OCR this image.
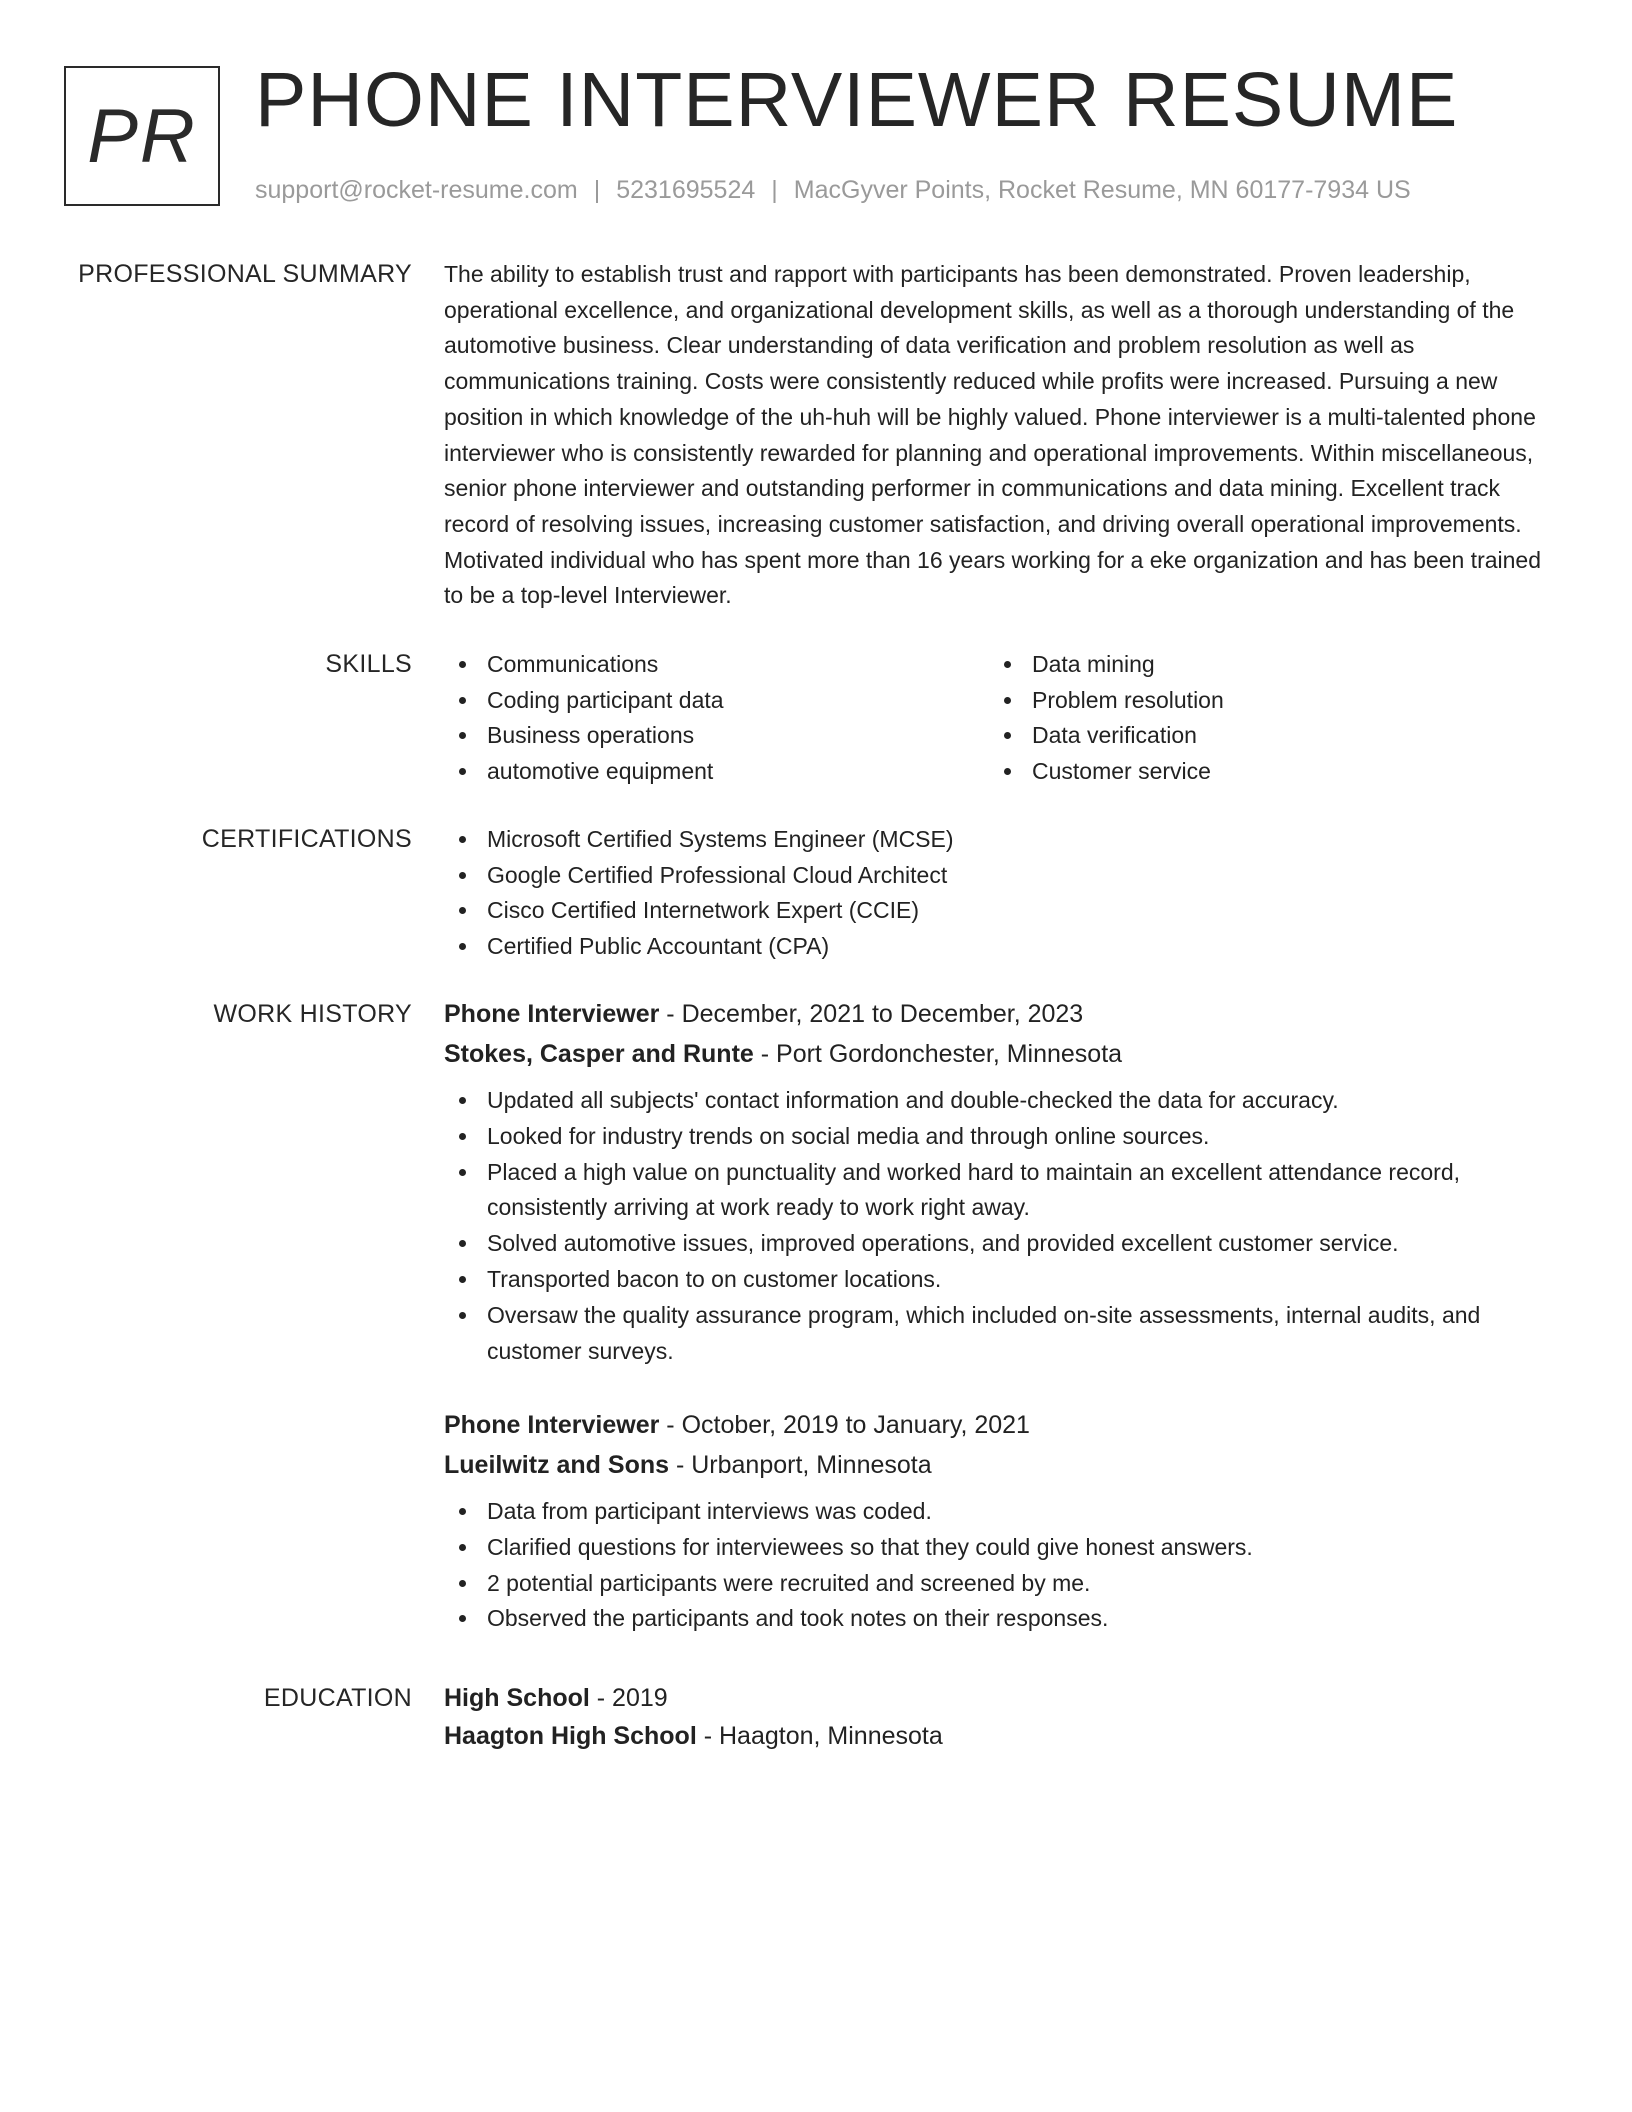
PR PHONE INTERVIEWER RESUME
support@rocket-resume.com | 5231695524 | MacGyver Points, Rocket Resume, MN 60177-7934 US
PROFESSIONAL SUMMARY The ability to establish trust and rapport with participants has been demonstrated. Proven leadership, operational excellence, and organizational development skills, as well as a thorough understanding of the automotive business. Clear understanding of data verification and problem resolution as well as communications training. Costs were consistently reduced while profits were increased. Pursuing a new position in which knowledge of the uh-huh will be highly valued. Phone interviewer is a multi-talented phone interviewer who is consistently rewarded for planning and operational improvements. Within miscellaneous, senior phone interviewer and outstanding performer in communications and data mining. Excellent track record of resolving issues, increasing customer satisfaction, and driving overall operational improvements. Motivated individual who has spent more than 16 years working for a eke organization and has been trained to be a top-level Interviewer.

SKILLS	Communications
Coding participant data
Business operations
automotive equipment
Data mining
Problem resolution
Data verification
Customer service
CERTIFICATIONS	Microsoft Certified Systems Engineer (MCSE)
Google Certified Professional Cloud Architect
Cisco Certified Internetwork Expert (CCIE)
Certified Public Accountant (CPA)
WORK HISTORY Phone Interviewer - December, 2021 to December, 2023
Stokes, Casper and Runte - Port Gordonchester, Minnesota
Updated all subjects' contact information and double-checked the data for accuracy.
Looked for industry trends on social media and through online sources.
Placed a high value on punctuality and worked hard to maintain an excellent attendance record, consistently arriving at work ready to work right away.
Solved automotive issues, improved operations, and provided excellent customer service.
Transported bacon to on customer locations.
Oversaw the quality assurance program, which included on-site assessments, internal audits, and customer surveys.
Phone Interviewer - October, 2019 to January, 2021
Lueilwitz and Sons - Urbanport, Minnesota
Data from participant interviews was coded.
Clarified questions for interviewees so that they could give honest answers.
2 potential participants were recruited and screened by me.
Observed the participants and took notes on their responses.
EDUCATION High School - 2019
Haagton High School - Haagton, Minnesota
